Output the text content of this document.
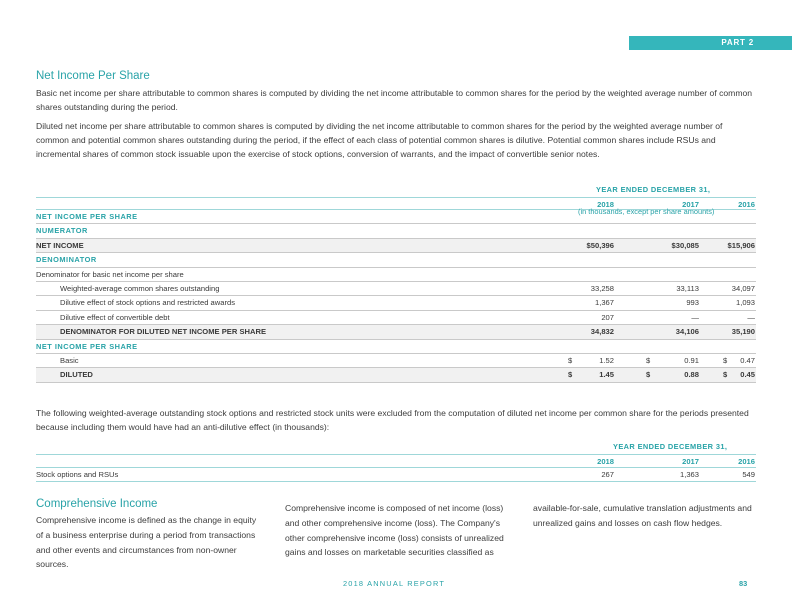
PART 2
Net Income Per Share
Basic net income per share attributable to common shares is computed by dividing the net income attributable to common shares for the period by the weighted average number of common shares outstanding during the period.
Diluted net income per share attributable to common shares is computed by dividing the net income attributable to common shares for the period by the weighted average number of common and potential common shares outstanding during the period, if the effect of each class of potential common shares is dilutive. Potential common shares include RSUs and incremental shares of common stock issuable upon the exercise of stock options, conversion of warrants, and the impact of convertible senior notes.
YEAR ENDED DECEMBER 31,
2018	2017	2016
NET INCOME PER SHARE
(in thousands, except per share amounts)
NUMERATOR
NET INCOME	$50,396	$30,085	$15,906
DENOMINATOR
Denominator for basic net income per share
Weighted-average common shares outstanding	33,258	33,113	34,097
Dilutive effect of stock options and restricted awards	1,367	993	1,093
Dilutive effect of convertible debt	207	—	—
DENOMINATOR FOR DILUTED NET INCOME PER SHARE	34,832	34,106	35,190
NET INCOME PER SHARE
Basic	$	1.52	$	0.91	$	0.47
DILUTED	$	1.45	$	0.88	$	0.45
The following weighted-average outstanding stock options and restricted stock units were excluded from the computation of diluted net income per common share for the periods presented because including them would have had an anti-dilutive effect (in thousands):
YEAR ENDED DECEMBER 31,
2018	2017	2016
Stock options and RSUs	267	1,363	549
Comprehensive Income
Comprehensive income is defined as the change in equity of a business enterprise during a period from transactions and other events and circumstances from non-owner sources.
Comprehensive income is composed of net income (loss) and other comprehensive income (loss). The Company's other comprehensive income (loss) consists of unrealized gains and losses on marketable securities classified as
available-for-sale, cumulative translation adjustments and unrealized gains and losses on cash flow hedges.
2018 ANNUAL REPORT	83
